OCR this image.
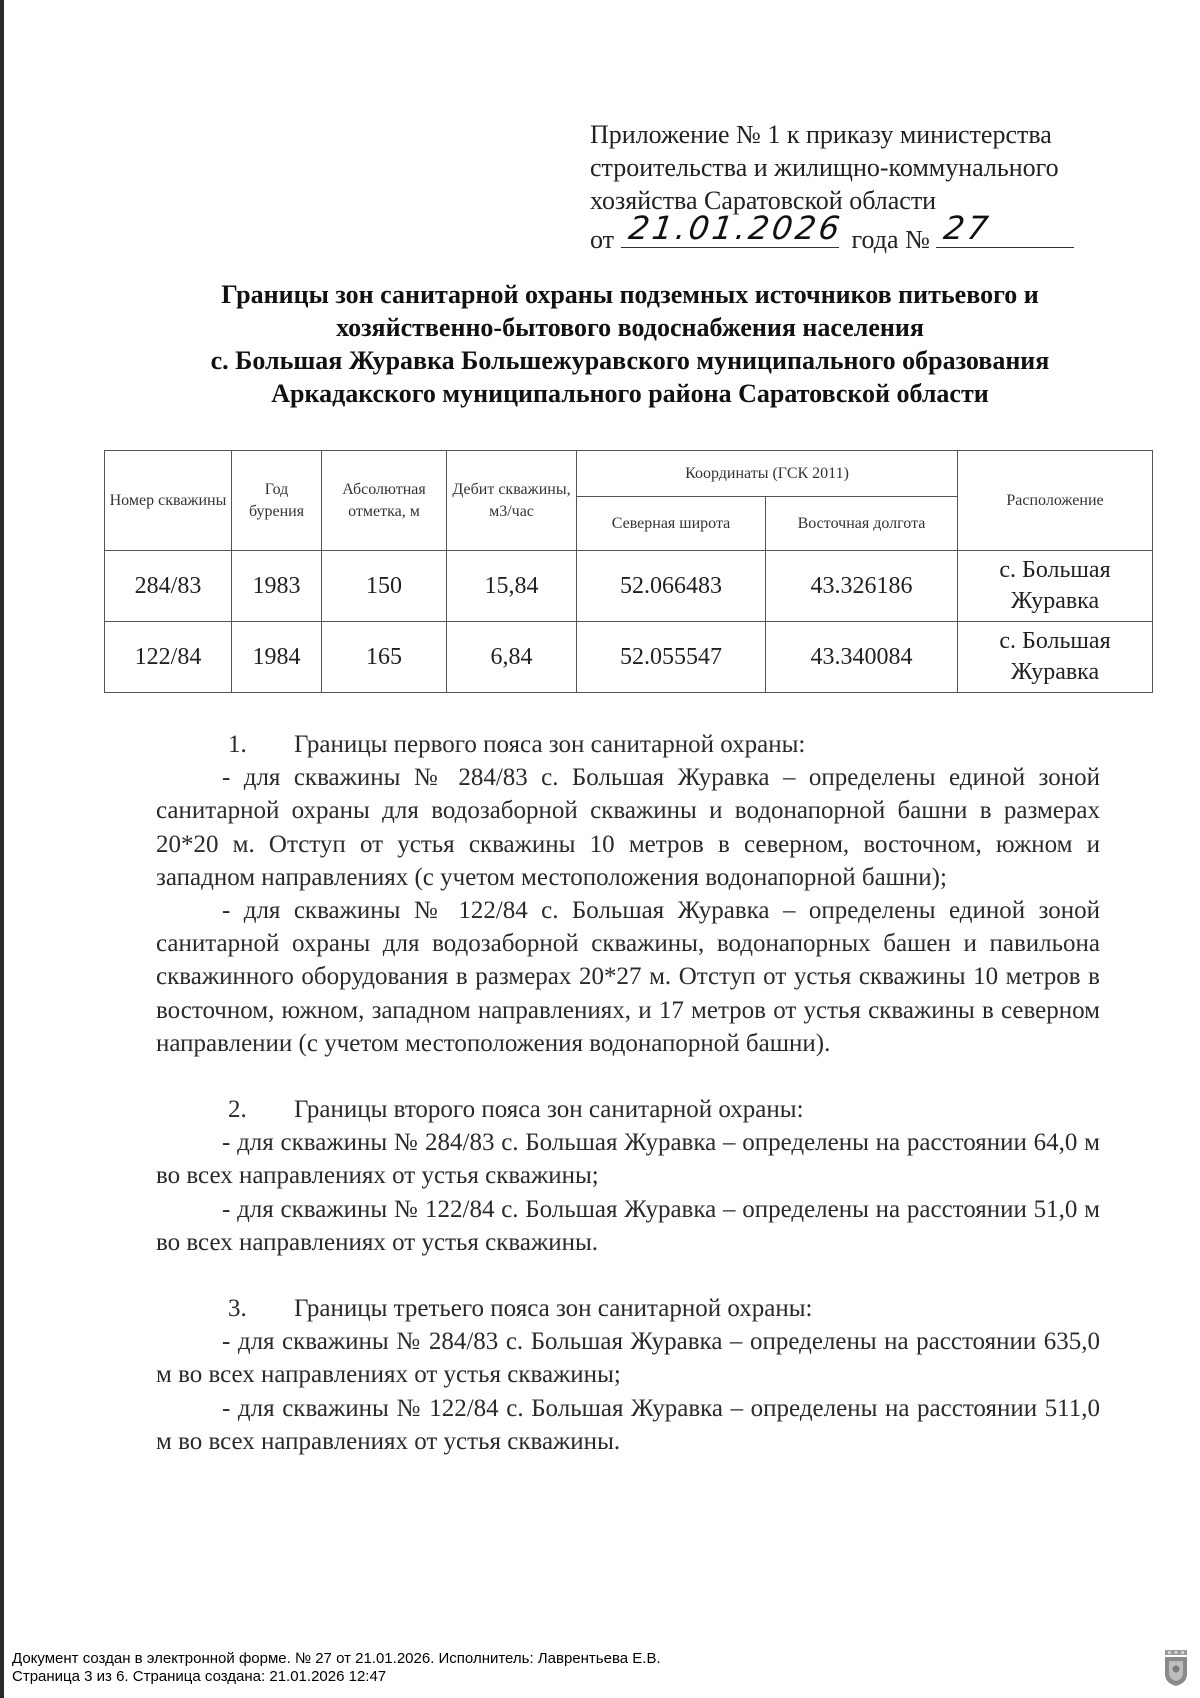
Приложение № 1 к приказу министерства
строительства и жилищно-коммунального
хозяйства Саратовской области
от 21.01.2026 года № 27
Границы зон санитарной охраны подземных источников питьевого и
хозяйственно-бытового водоснабжения населения
с. Большая Журавка Большежуравского муниципального образования
Аркадакского муниципального района Саратовской области
Номер скважины	Год бурения	Абсолютная отметка, м	Дебит скважины, м3/час	Координаты (ГСК 2011)		Расположение
				Северная широта	Восточная долгота	
284/83	1983	150	15,84	52.066483	43.326186	с. Большая Журавка
122/84	1984	165	6,84	52.055547	43.340084	с. Большая Журавка

1. Границы первого пояса зон санитарной охраны:

- для скважины № 284/83 с. Большая Журавка – определены единой зоной санитарной охраны для водозаборной скважины и водонапорной башни в размерах 20*20 м. Отступ от устья скважины 10 метров в северном, восточном, южном и западном направлениях (с учетом местоположения водонапорной башни);

- для скважины № 122/84 с. Большая Журавка – определены единой зоной санитарной охраны для водозаборной скважины, водонапорных башен и павильона скважинного оборудования в размерах 20*27 м. Отступ от устья скважины 10 метров в восточном, южном, западном направлениях, и 17 метров от устья скважины в северном направлении (с учетом местоположения водонапорной башни).

2. Границы второго пояса зон санитарной охраны:

- для скважины № 284/83 с. Большая Журавка – определены на расстоянии 64,0 м во всех направлениях от устья скважины;

- для скважины № 122/84 с. Большая Журавка – определены на расстоянии 51,0 м во всех направлениях от устья скважины.

3. Границы третьего пояса зон санитарной охраны:

- для скважины № 284/83 с. Большая Журавка – определены на расстоянии 635,0 м во всех направлениях от устья скважины;

- для скважины № 122/84 с. Большая Журавка – определены на расстоянии 511,0 м во всех направлениях от устья скважины.

Документ создан в электронной форме. № 27 от 21.01.2026. Исполнитель: Лаврентьева Е.В.
Страница 3 из 6. Страница создана: 21.01.2026 12:47
